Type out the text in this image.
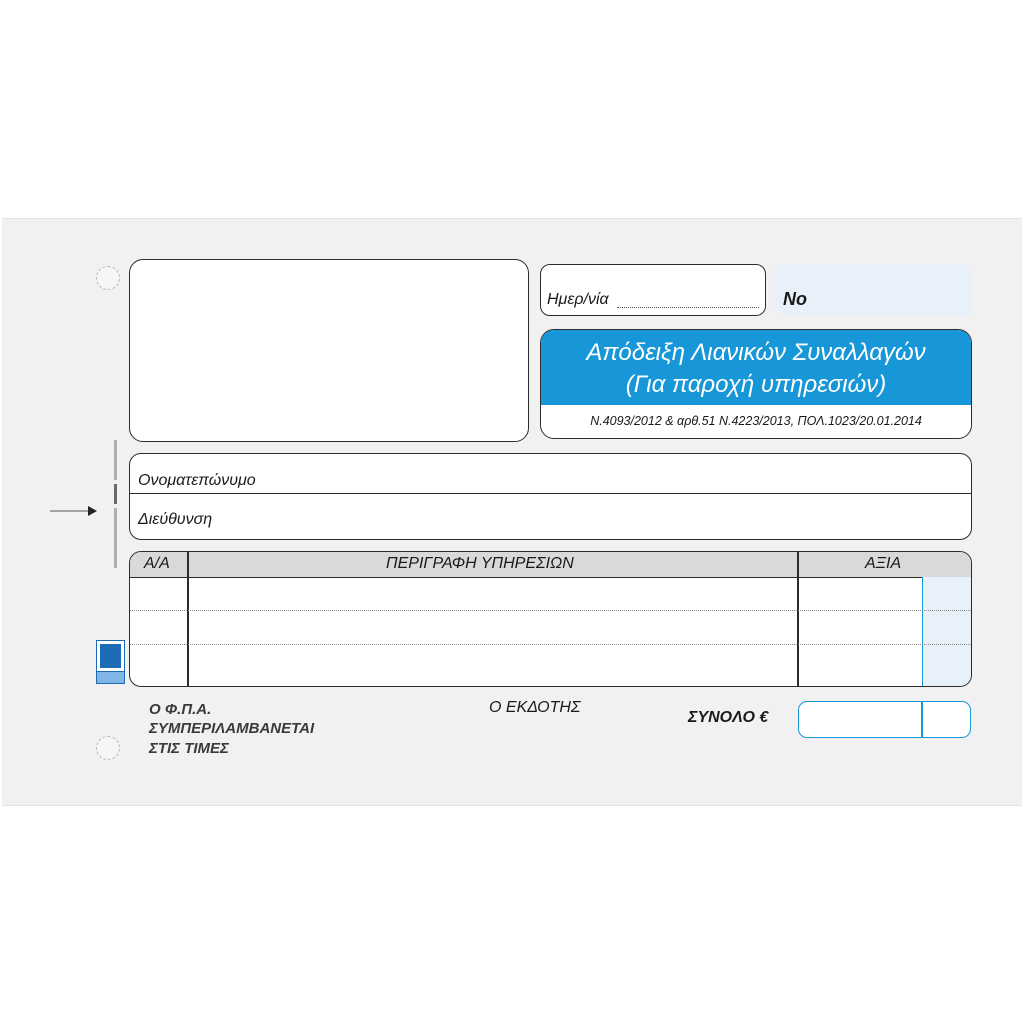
Ημερ/νία	No
Απόδειξη Λιανικών Συναλλαγών
(Για παροχή υπηρεσιών)
Ν.4093/2012 & αρθ.51 Ν.4223/2013, ΠΟΛ.1023/20.01.2014
Ονοματεπώνυμο
Διεύθυνση
Α/Α	ΠΕΡΙΓΡΑΦΗ ΥΠΗΡΕΣΙΩΝ	ΑΞΙΑ
Ο Φ.Π.Α.
ΣΥΜΠΕΡΙΛΑΜΒΑΝΕΤΑΙ
ΣΤΙΣ ΤΙΜΕΣ
Ο ΕΚΔΟΤΗΣ
ΣΥΝΟΛΟ €
